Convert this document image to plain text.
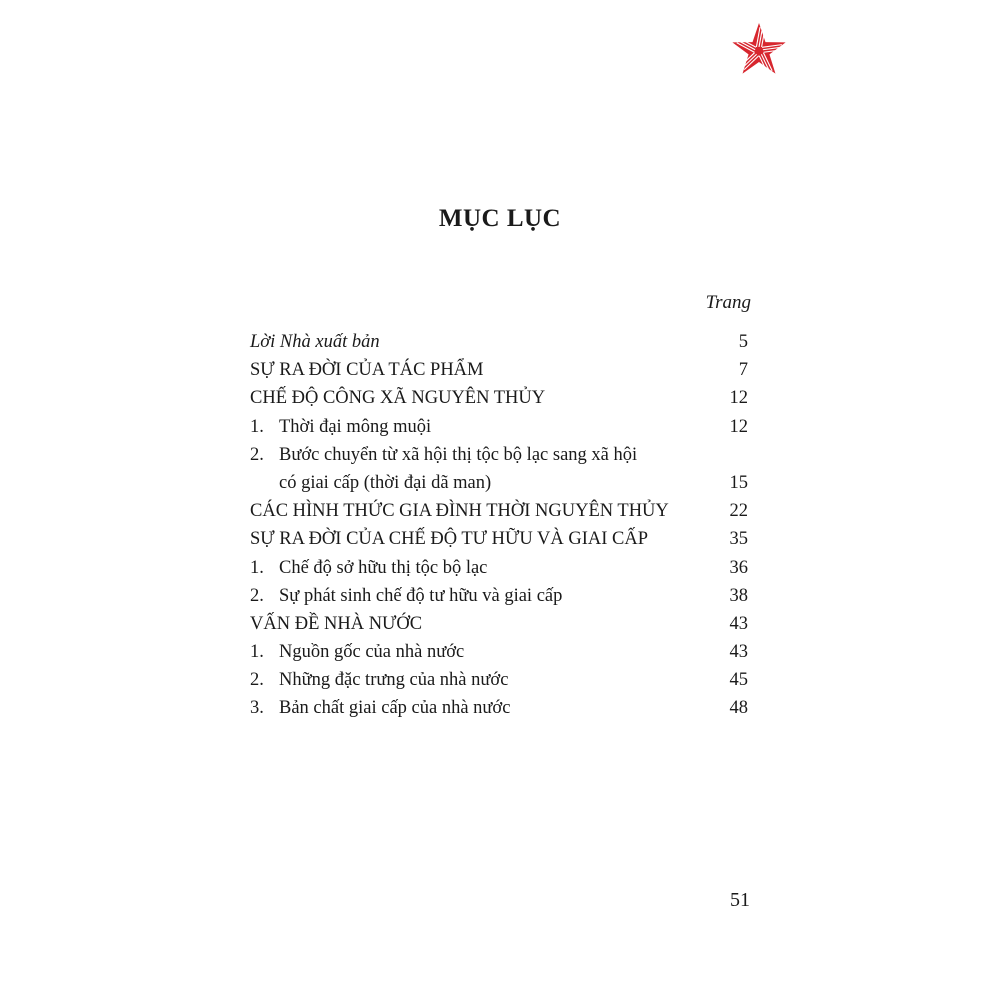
MỤC LỤC
Trang
Lời Nhà xuất bản	5
SỰ RA ĐỜI CỦA TÁC PHẨM	7
CHẾ ĐỘ CÔNG XÃ NGUYÊN THỦY	12
1. Thời đại mông muội	12
2. Bước chuyển từ xã hội thị tộc bộ lạc sang xã hội
có giai cấp (thời đại dã man)	15
CÁC HÌNH THỨC GIA ĐÌNH THỜI NGUYÊN THỦY	22
SỰ RA ĐỜI CỦA CHẾ ĐỘ TƯ HỮU VÀ GIAI CẤP	35
1. Chế độ sở hữu thị tộc bộ lạc	36
2. Sự phát sinh chế độ tư hữu và giai cấp	38
VẤN ĐỀ NHÀ NƯỚC	43
1. Nguồn gốc của nhà nước	43
2. Những đặc trưng của nhà nước	45
3. Bản chất giai cấp của nhà nước	48
51
